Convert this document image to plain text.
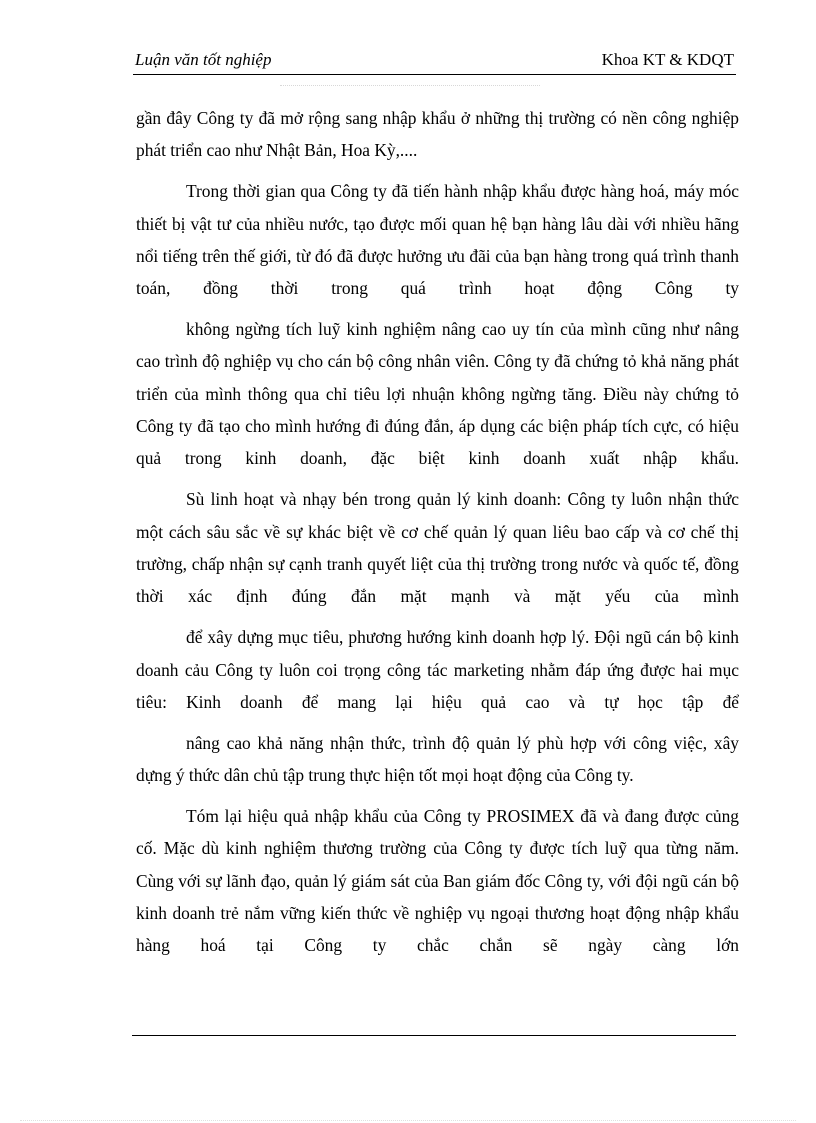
Luận văn tốt nghiệp	Khoa KT & KDQT

gần đây Công ty đã mở rộng sang nhập khẩu ở những thị trường có nền công nghiệp phát triển cao như Nhật Bản, Hoa Kỳ,....

Trong thời gian qua Công ty đã tiến hành nhập khẩu được hàng hoá, máy móc thiết bị vật tư của nhiều nước, tạo được mối quan hệ bạn hàng lâu dài với nhiều hãng nổi tiếng trên thế giới, từ đó đã được hưởng ưu đãi của bạn hàng trong quá trình thanh toán, đồng thời trong quá trình hoạt động Công ty

không ngừng tích luỹ kinh nghiệm nâng cao uy tín của mình cũng như nâng cao trình độ nghiệp vụ cho cán bộ công nhân viên. Công ty đã chứng tỏ khả năng phát triển của mình thông qua chỉ tiêu lợi nhuận không ngừng tăng. Điều này chứng tỏ Công ty đã tạo cho mình hướng đi đúng đắn, áp dụng các biện pháp tích cực, có hiệu quả trong kinh doanh, đặc biệt kinh doanh xuất nhập khẩu.

Sù linh hoạt và nhạy bén trong quản lý kinh doanh: Công ty luôn nhận thức một cách sâu sắc về sự khác biệt về cơ chế quản lý quan liêu bao cấp và cơ chế thị trường, chấp nhận sự cạnh tranh quyết liệt của thị trường trong nước và quốc tế, đồng thời xác định đúng đắn mặt mạnh và mặt yếu của mình

để xây dựng mục tiêu, phương hướng kinh doanh hợp lý. Đội ngũ cán bộ kinh doanh cảu Công ty luôn coi trọng công tác marketing nhằm đáp ứng được hai mục tiêu: Kinh doanh để mang lại hiệu quả cao và tự học tập để

nâng cao khả năng nhận thức, trình độ quản lý phù hợp với công việc, xây dựng ý thức dân chủ tập trung thực hiện tốt mọi hoạt động của Công ty.

Tóm lại hiệu quả nhập khẩu của Công ty PROSIMEX đã và đang được củng cố. Mặc dù kinh nghiệm thương trường của Công ty được tích luỹ qua từng năm. Cùng với sự lãnh đạo, quản lý giám sát của Ban giám đốc Công ty, với đội ngũ cán bộ kinh doanh trẻ nắm vững kiến thức về nghiệp vụ ngoại thương hoạt động nhập khẩu hàng hoá tại Công ty chắc chắn sẽ ngày càng lớn
